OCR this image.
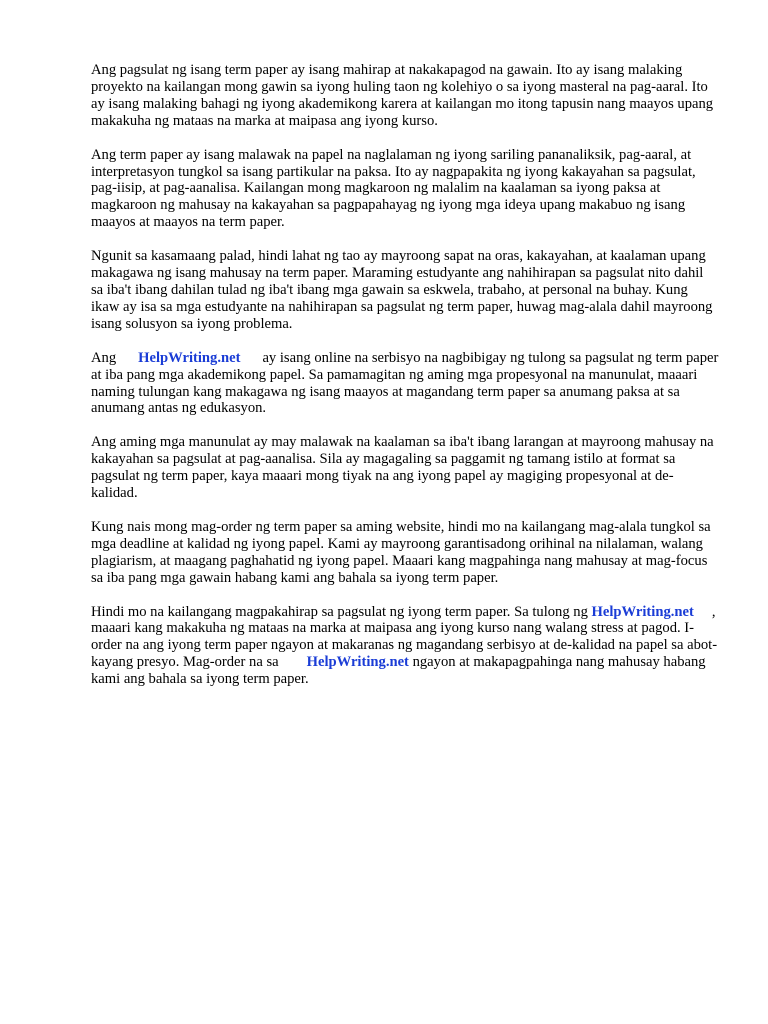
Ang pagsulat ng isang term paper ay isang mahirap at nakakapagod na gawain. Ito ay isang malaking proyekto na kailangan mong gawin sa iyong huling taon ng kolehiyo o sa iyong masteral na pag-aaral. Ito ay isang malaking bahagi ng iyong akademikong karera at kailangan mo itong tapusin nang maayos upang makakuha ng mataas na marka at maipasa ang iyong kurso.

Ang term paper ay isang malawak na papel na naglalaman ng iyong sariling pananaliksik, pag-aaral, at interpretasyon tungkol sa isang partikular na paksa. Ito ay nagpapakita ng iyong kakayahan sa pagsulat, pag-iisip, at pag-aanalisa. Kailangan mong magkaroon ng malalim na kaalaman sa iyong paksa at magkaroon ng mahusay na kakayahan sa pagpapahayag ng iyong mga ideya upang makabuo ng isang maayos at maayos na term paper.

Ngunit sa kasamaang palad, hindi lahat ng tao ay mayroong sapat na oras, kakayahan, at kaalaman upang makagawa ng isang mahusay na term paper. Maraming estudyante ang nahihirapan sa pagsulat nito dahil sa iba't ibang dahilan tulad ng iba't ibang mga gawain sa eskwela, trabaho, at personal na buhay. Kung ikaw ay isa sa mga estudyante na nahihirapan sa pagsulat ng term paper, huwag mag-alala dahil mayroong isang solusyon sa iyong problema.

Ang HelpWriting.net ay isang online na serbisyo na nagbibigay ng tulong sa pagsulat ng term paper at iba pang mga akademikong papel. Sa pamamagitan ng aming mga propesyonal na manunulat, maaari naming tulungan kang makagawa ng isang maayos at magandang term paper sa anumang paksa at sa anumang antas ng edukasyon.

Ang aming mga manunulat ay may malawak na kaalaman sa iba't ibang larangan at mayroong mahusay na kakayahan sa pagsulat at pag-aanalisa. Sila ay magagaling sa paggamit ng tamang istilo at format sa pagsulat ng term paper, kaya maaari mong tiyak na ang iyong papel ay magiging propesyonal at de-kalidad.

Kung nais mong mag-order ng term paper sa aming website, hindi mo na kailangang mag-alala tungkol sa mga deadline at kalidad ng iyong papel. Kami ay mayroong garantisadong orihinal na nilalaman, walang plagiarism, at maagang paghahatid ng iyong papel. Maaari kang magpahinga nang mahusay at mag-focus sa iba pang mga gawain habang kami ang bahala sa iyong term paper.

Hindi mo na kailangang magpakahirap sa pagsulat ng iyong term paper. Sa tulong ng HelpWriting.net , maaari kang makakuha ng mataas na marka at maipasa ang iyong kurso nang walang stress at pagod. I-order na ang iyong term paper ngayon at makaranas ng magandang serbisyo at de-kalidad na papel sa abot-kayang presyo. Mag-order na sa HelpWriting.net ngayon at makapagpahinga nang mahusay habang kami ang bahala sa iyong term paper.
